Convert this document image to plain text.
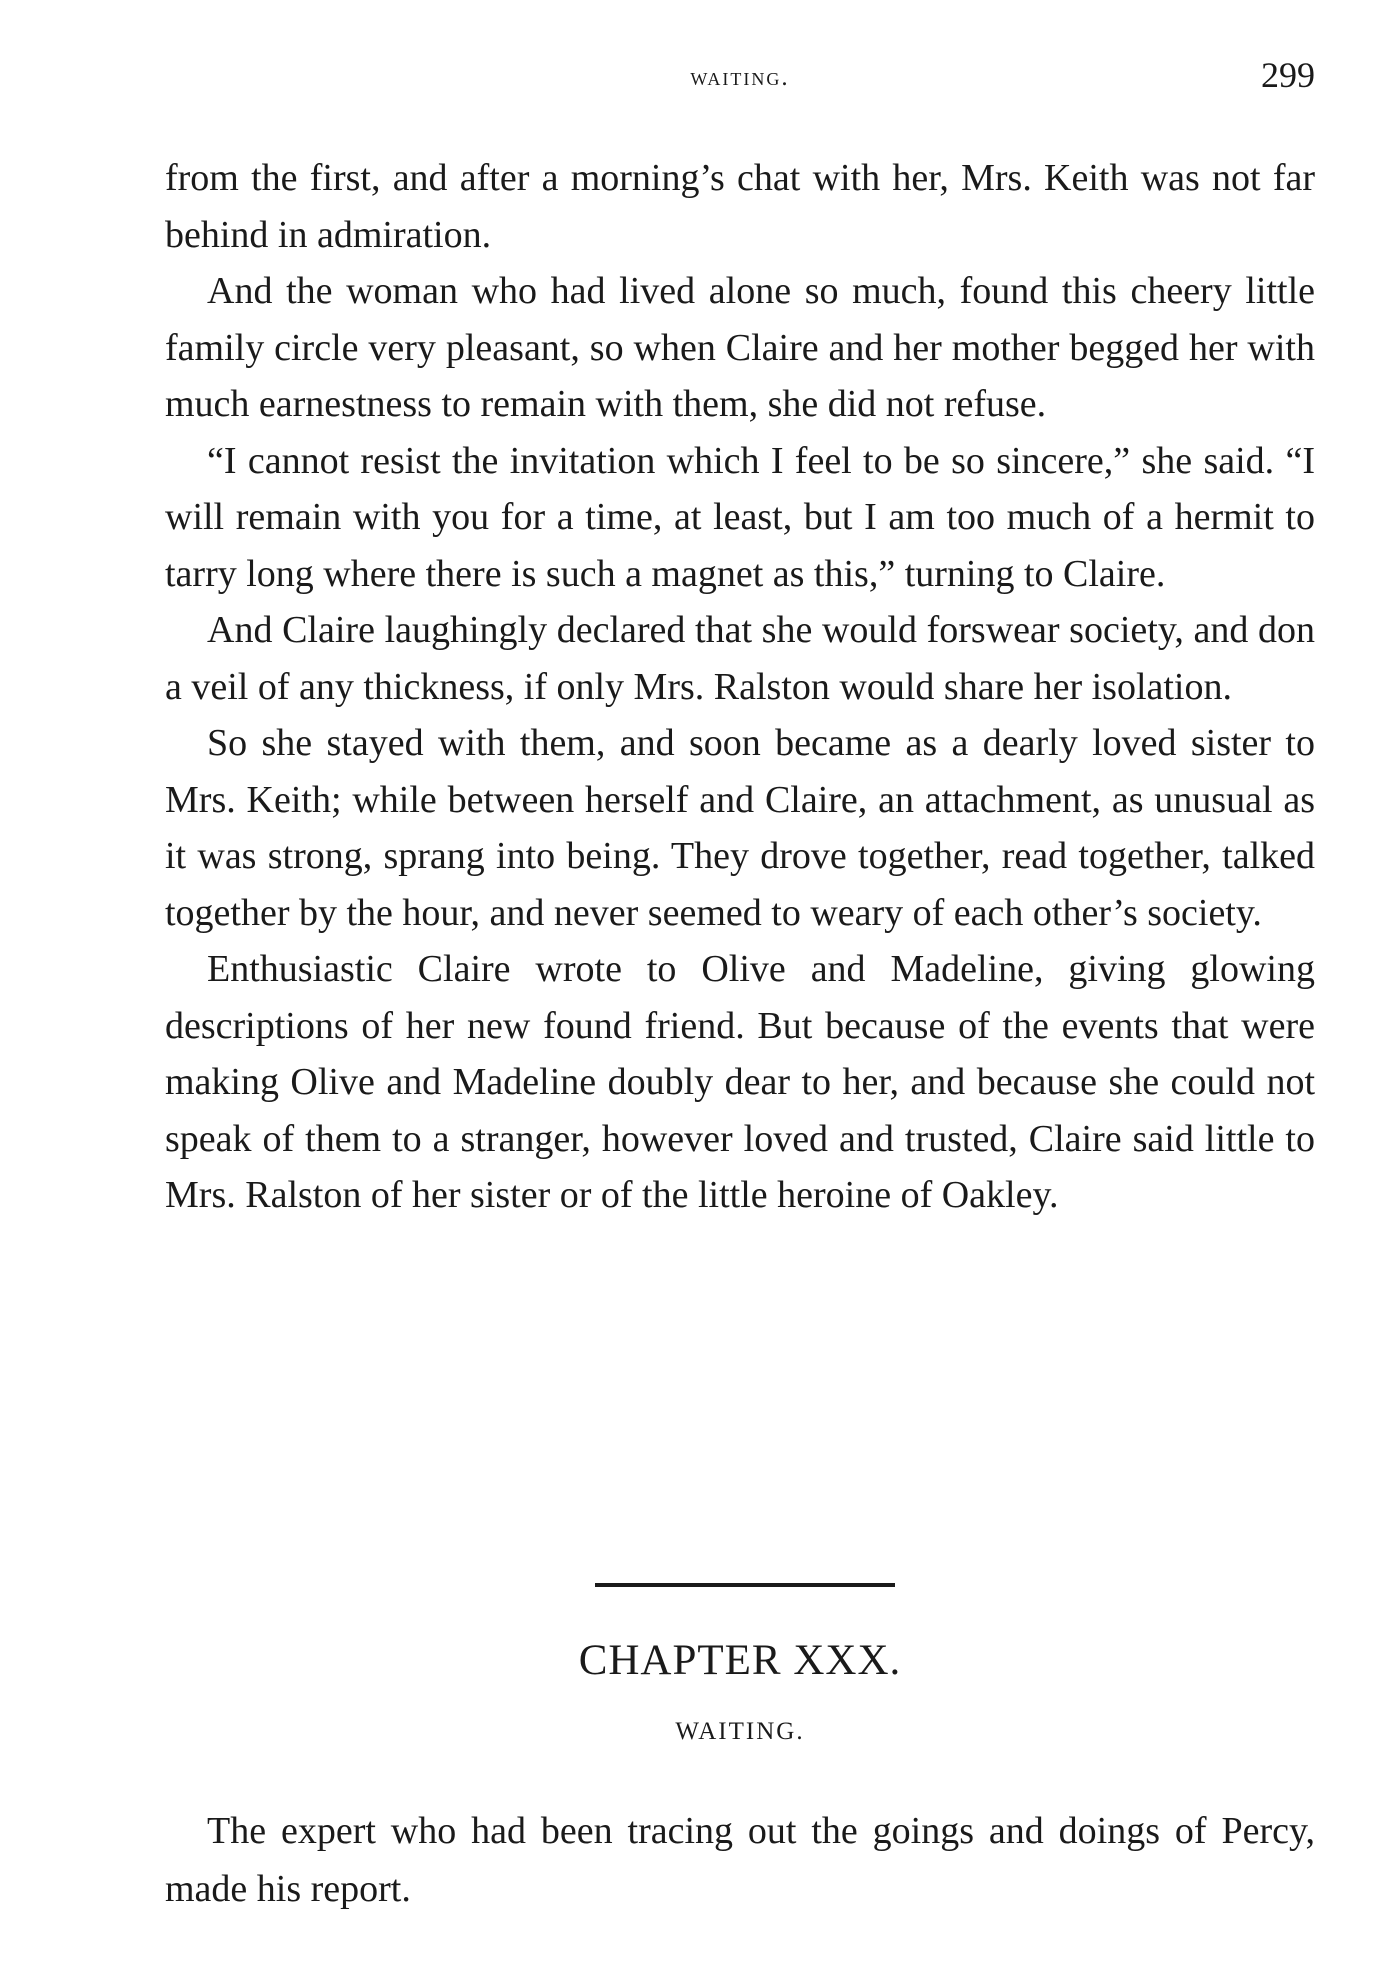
waiting.	299

from the first, and after a morning’s chat with her, Mrs. Keith was not far behind in admiration.

And the woman who had lived alone so much, found this cheery little family circle very pleasant, so when Claire and her mother begged her with much earnestness to remain with them, she did not refuse.

“I cannot resist the invitation which I feel to be so sincere,” she said. “I will remain with you for a time, at least, but I am too much of a hermit to tarry long where there is such a magnet as this,” turning to Claire.

And Claire laughingly declared that she would forswear society, and don a veil of any thickness, if only Mrs. Ralston would share her isolation.

So she stayed with them, and soon became as a dearly loved sister to Mrs. Keith; while between herself and Claire, an attachment, as unusual as it was strong, sprang into being. They drove together, read together, talked together by the hour, and never seemed to weary of each other’s society.

Enthusiastic Claire wrote to Olive and Madeline, giving glowing descriptions of her new found friend. But because of the events that were making Olive and Madeline doubly dear to her, and because she could not speak of them to a stranger, however loved and trusted, Claire said little to Mrs. Ralston of her sister or of the little heroine of Oakley.

CHAPTER XXX.
WAITING.

The expert who had been tracing out the goings and doings of Percy, made his report.
